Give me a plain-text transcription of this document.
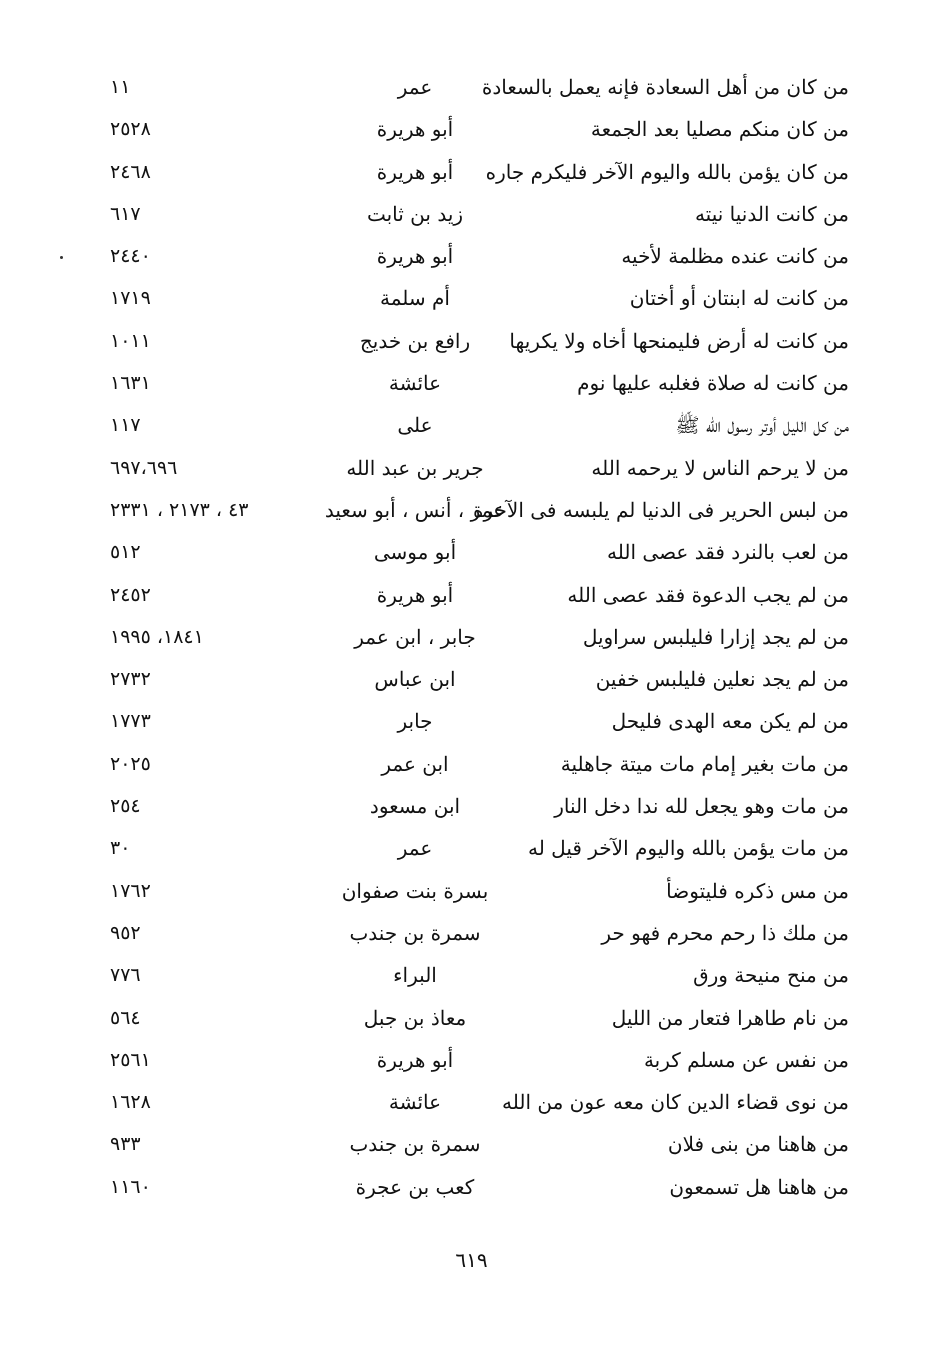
من كان من أهل السعادة فإنه يعمل بالسعادة
عمر
١١
من كان منكم مصليا بعد الجمعة
أبو هريرة
٢٥٢٨
من كان يؤمن بالله واليوم الآخر فليكرم جاره
أبو هريرة
٢٤٦٨
من كانت الدنيا نيته
زيد بن ثابت
٦١٧
من كانت عنده مظلمة لأخيه
أبو هريرة
٢٤٤٠
من كانت له ابنتان أو أختان
أم سلمة
١٧١٩
من كانت له أرض فليمنحها أخاه ولا يكريها
رافع بن خديج
١٠١١
من كانت له صلاة فغلبه عليها نوم
عائشة
١٦٣١
من كل الليل أوتر رسول الله ﷺ
على
١١٧
من لا يرحم الناس لا يرحمه الله
جرير بن عبد الله
٦٩٧،٦٩٦
من لبس الحرير فى الدنيا لم يلبسه فى الآخرة
عمر ، أنس ، أبو سعيد
٤٣ ، ٢١٧٣ ، ٢٣٣١
من لعب بالنرد فقد عصى الله
أبو موسى
٥١٢
من لم يجب الدعوة فقد عصى الله
أبو هريرة
٢٤٥٢
من لم يجد إزارا فليلبس سراويل
جابر ، ابن عمر
١٨٤١، ١٩٩٥
من لم يجد نعلين فليلبس خفين
ابن عباس
٢٧٣٢
من لم يكن معه الهدى فليحل
جابر
١٧٧٣
من مات بغير إمام مات ميتة جاهلية
ابن عمر
٢٠٢٥
من مات وهو يجعل لله ندا دخل النار
ابن مسعود
٢٥٤
من مات يؤمن بالله واليوم الآخر قيل له
عمر
٣٠
من مس ذكره فليتوضأ
بسرة بنت صفوان
١٧٦٢
من ملك ذا رحم محرم فهو حر
سمرة بن جندب
٩٥٢
من منح منيحة ورق
البراء
٧٧٦
من نام طاهرا فتعار من الليل
معاذ بن جبل
٥٦٤
من نفس عن مسلم كربة
أبو هريرة
٢٥٦١
من نوى قضاء الدين كان معه عون من الله
عائشة
١٦٢٨
من هاهنا من بنى فلان
سمرة بن جندب
٩٣٣
من هاهنا هل تسمعون
كعب بن عجرة
١١٦٠
٦١٩
